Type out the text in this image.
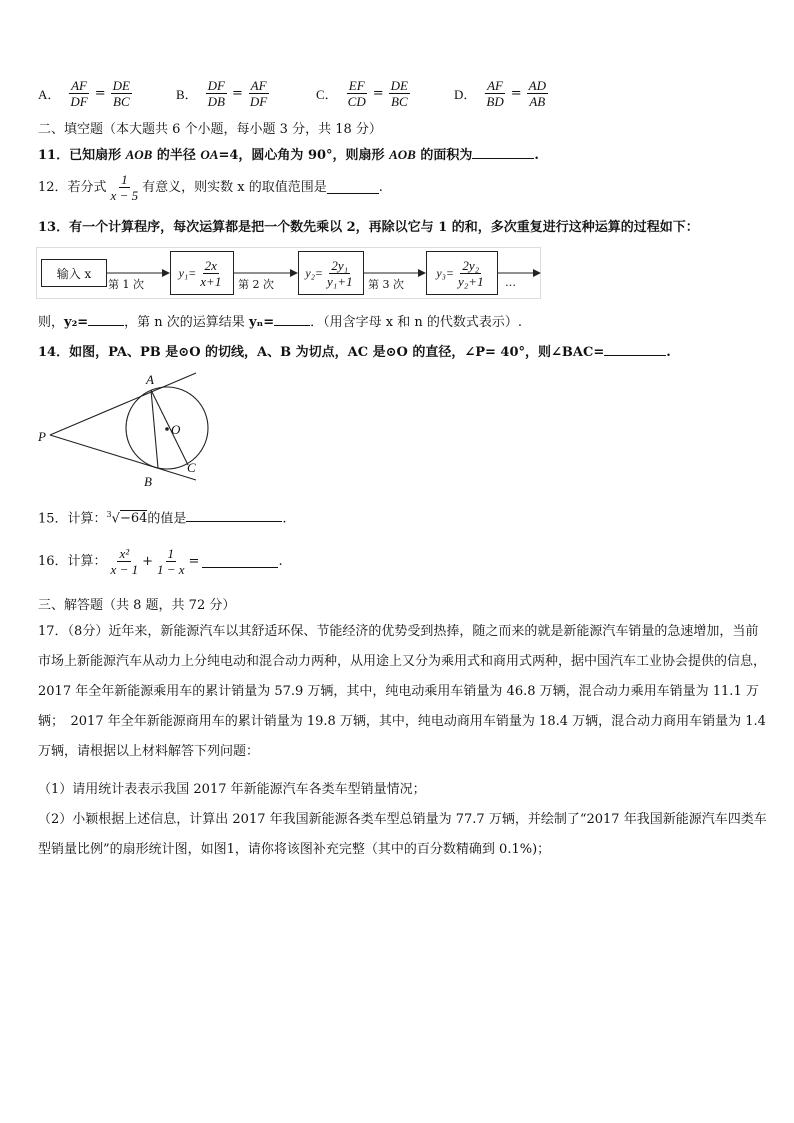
A． $\frac{AF}{DF} = \frac{DE}{BC}$	B． $\frac{DF}{DB} = \frac{AF}{DF}$	C． $\frac{EF}{CD} = \frac{DE}{BC}$	D． $\frac{AF}{BD} = \frac{AD}{AB}$
二、填空题（本大题共 6 个小题，每小题 3 分，共 18 分）
11．已知扇形 AOB 的半径 OA=4，圆心角为 90°，则扇形 AOB 的面积为	.
12．若分式 $\frac{1}{x - 5}$ 有意义，则实数 x 的取值范围是	.
13．有一个计算程序，每次运算都是把一个数先乘以 2，再除以它与 1 的和，多次重复进行这种运算的过程如下：
输入 x
第 1 次
$y_1= \frac{2x}{x+1}$ 第 2 次
$y_2= \frac{\text{2y₁}}{\text{y₁+1}}$ 第 3 次
$y_3= \frac{\text{2y₂}}{\text{y₂+1}}$ …
则，y₂=	，第 n 次的运算结果 yₙ=	．（用含字母 x 和 n 的代数式表示）.
14．如图，PA、PB 是⊙O 的切线，A、B 为切点，AC 是⊙O 的直径，∠P= 40°，则∠BAC=	.
A
O
P
C
B
15．计算：$^3$√−64的值是	.
16．计算： $\frac{\text{x²}}{x - 1} + \frac{1}{1 - x}$ =	.
三、解答题（共 8 题，共 72 分）
17．（8分）近年来，新能源汽车以其舒适环保、节能经济的优势受到热捧，随之而来的就是新能源汽车销量的急速增加，当前市场上新能源汽车从动力上分纯电动和混合动力两种，从用途上又分为乘用式和商用式两种，据中国汽车工业协会提供的信息，2017 年全年新能源乘用车的累计销量为 57.9 万辆，其中，纯电动乘用车销量为 46.8 万辆，混合动力乘用车销量为 11.1 万辆；　2017 年全年新能源商用车的累计销量为 19.8 万辆，其中，纯电动商用车销量为 18.4 万辆，混合动力商用车销量为 1.4 万辆，请根据以上材料解答下列问题：
（1）请用统计表表示我国 2017 年新能源汽车各类车型销量情况；
（2）小颖根据上述信息，计算出 2017 年我国新能源各类车型总销量为 77.7 万辆，并绘制了“2017 年我国新能源汽车四类车型销量比例”的扇形统计图，如图1，请你将该图补充完整（其中的百分数精确到 0.1%)；
